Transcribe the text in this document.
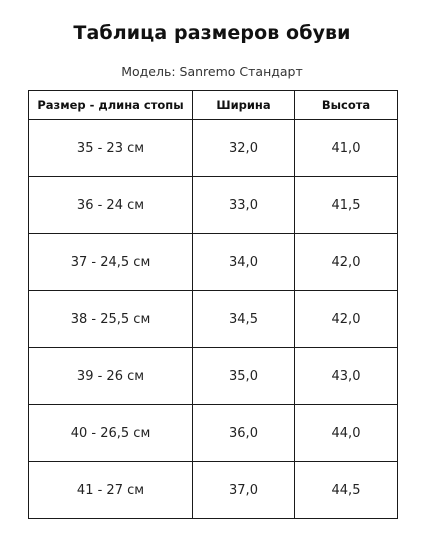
Таблица размеров обуви
Модель: Sanremo Стандарт
Размер - длина стопы	Ширина	Высота
35 - 23 см	32,0	41,0
36 - 24 см	33,0	41,5
37 - 24,5 см	34,0	42,0
38 - 25,5 см	34,5	42,0
39 - 26 см	35,0	43,0
40 - 26,5 см	36,0	44,0
41 - 27 см	37,0	44,5
